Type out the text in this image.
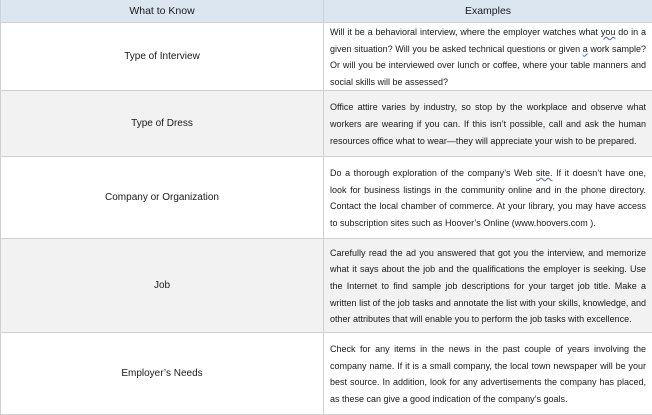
What to Know	Examples
Type of Interview	Will it be a behavioral interview, where the employer watches what you do in a given situation? Will you be asked technical questions or given a work sample? Or will you be interviewed over lunch or coffee, where your table manners and social skills will be assessed?
Type of Dress	Office attire varies by industry, so stop by the workplace and observe what workers are wearing if you can. If this isn’t possible, call and ask the human resources office what to wear—they will appreciate your wish to be prepared.
Company or Organization	Do a thorough exploration of the company’s Web site. If it doesn’t have one, look for business listings in the community online and in the phone directory. Contact the local chamber of commerce. At your library, you may have access to subscription sites such as Hoover’s Online (www.hoovers.com ).
Job	Carefully read the ad you answered that got you the interview, and memorize what it says about the job and the qualifications the employer is seeking. Use the Internet to find sample job descriptions for your target job title. Make a written list of the job tasks and annotate the list with your skills, knowledge, and other attributes that will enable you to perform the job tasks with excellence.
Employer’s Needs	Check for any items in the news in the past couple of years involving the company name. If it is a small company, the local town newspaper will be your best source. In addition, look for any advertisements the company has placed, as these can give a good indication of the company’s goals.
